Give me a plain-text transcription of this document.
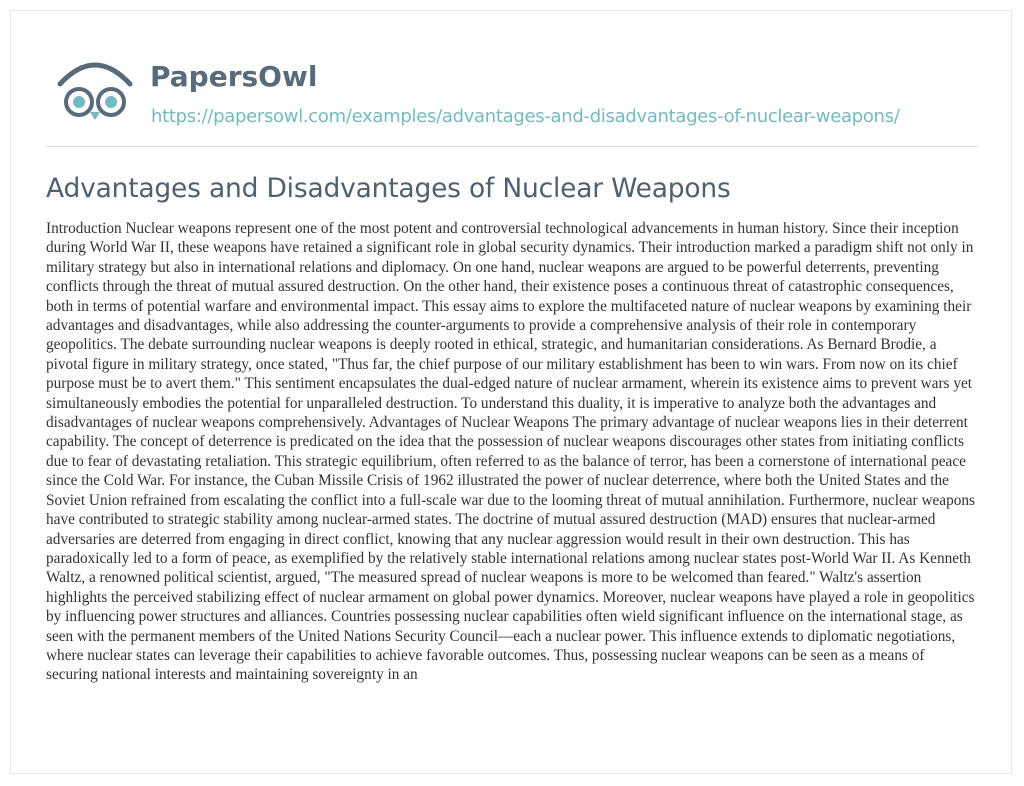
PapersOwl
https://papersowl.com/examples/advantages-and-disadvantages-of-nuclear-weapons/
Advantages and Disadvantages of Nuclear Weapons

Introduction Nuclear weapons represent one of the most potent and controversial technological advancements in human history. Since their inception during World War II, these weapons have retained a significant role in global security dynamics. Their introduction marked a paradigm shift not only in military strategy but also in international relations and diplomacy. On one hand, nuclear weapons are argued to be powerful deterrents, preventing conflicts through the threat of mutual assured destruction. On the other hand, their existence poses a continuous threat of catastrophic consequences, both in terms of potential warfare and environmental impact. This essay aims to explore the multifaceted nature of nuclear weapons by examining their advantages and disadvantages, while also addressing the counter-arguments to provide a comprehensive analysis of their role in contemporary geopolitics. The debate surrounding nuclear weapons is deeply rooted in ethical, strategic, and humanitarian considerations. As Bernard Brodie, a pivotal figure in military strategy, once stated, "Thus far, the chief purpose of our military establishment has been to win wars. From now on its chief purpose must be to avert them." This sentiment encapsulates the dual-edged nature of nuclear armament, wherein its existence aims to prevent wars yet simultaneously embodies the potential for unparalleled destruction. To understand this duality, it is imperative to analyze both the advantages and disadvantages of nuclear weapons comprehensively. Advantages of Nuclear Weapons The primary advantage of nuclear weapons lies in their deterrent capability. The concept of deterrence is predicated on the idea that the possession of nuclear weapons discourages other states from initiating conflicts due to fear of devastating retaliation. This strategic equilibrium, often referred to as the balance of terror, has been a cornerstone of international peace since the Cold War. For instance, the Cuban Missile Crisis of 1962 illustrated the power of nuclear deterrence, where both the United States and the Soviet Union refrained from escalating the conflict into a full-scale war due to the looming threat of mutual annihilation. Furthermore, nuclear weapons have contributed to strategic stability among nuclear-armed states. The doctrine of mutual assured destruction (MAD) ensures that nuclear-armed adversaries are deterred from engaging in direct conflict, knowing that any nuclear aggression would result in their own destruction. This has paradoxically led to a form of peace, as exemplified by the relatively stable international relations among nuclear states post-World War II. As Kenneth Waltz, a renowned political scientist, argued, "The measured spread of nuclear weapons is more to be welcomed than feared." Waltz's assertion highlights the perceived stabilizing effect of nuclear armament on global power dynamics. Moreover, nuclear weapons have played a role in geopolitics by influencing power structures and alliances. Countries possessing nuclear capabilities often wield significant influence on the international stage, as seen with the permanent members of the United Nations Security Council—each a nuclear power. This influence extends to diplomatic negotiations, where nuclear states can leverage their capabilities to achieve favorable outcomes. Thus, possessing nuclear weapons can be seen as a means of securing national interests and maintaining sovereignty in an
